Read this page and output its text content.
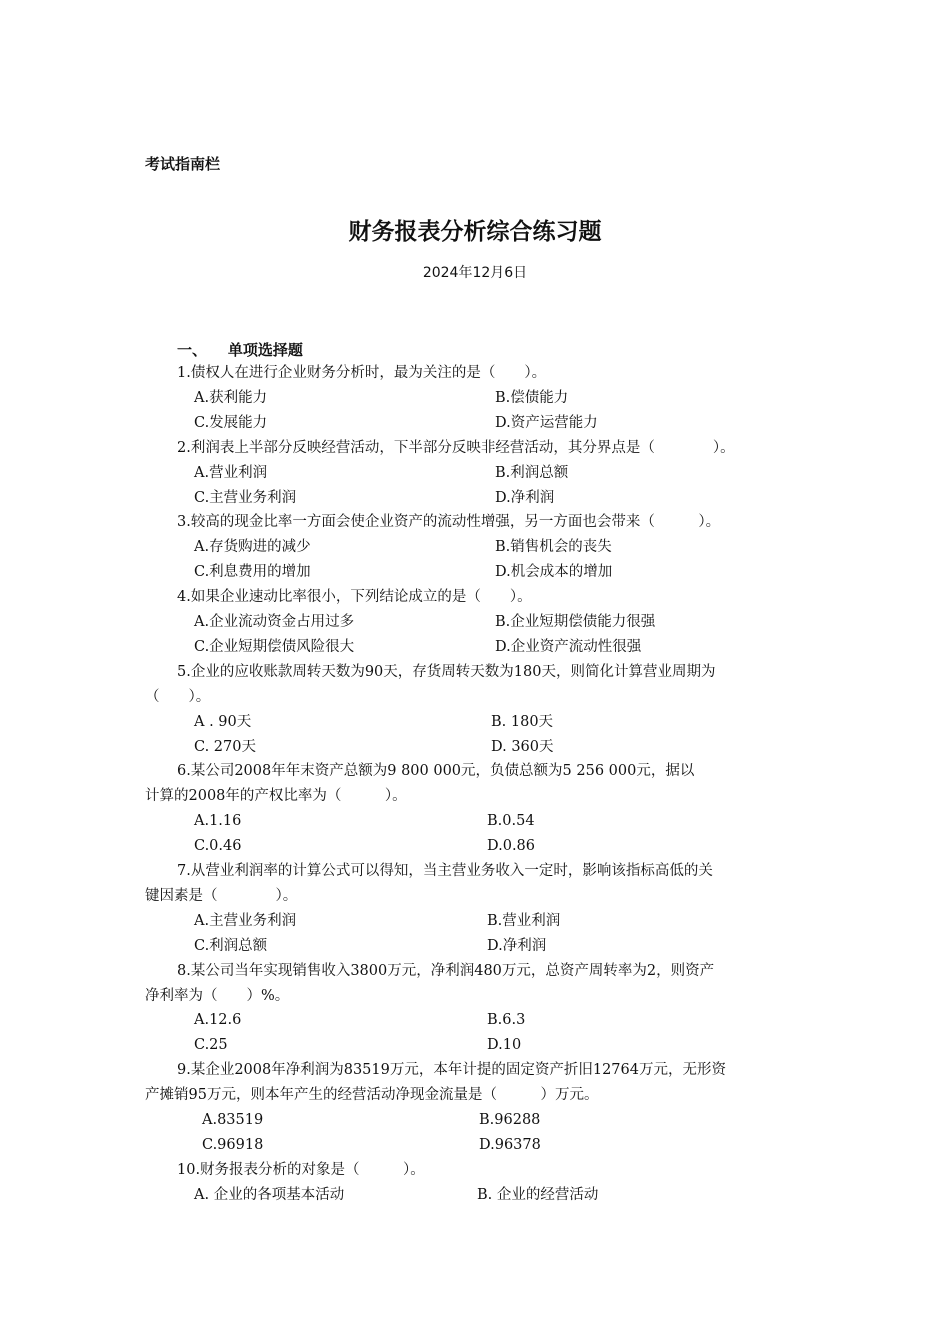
考试指南栏
财务报表分析综合练习题
2024年12月6日
一、 单项选择题
1.债权人在进行企业财务分析时，最为关注的是（　　）。
A.获利能力	B.偿债能力
C.发展能力	D.资产运营能力
2.利润表上半部分反映经营活动，下半部分反映非经营活动，其分界点是（　　　　）。
A.营业利润	B.利润总额
C.主营业务利润	D.净利润
3.较高的现金比率一方面会使企业资产的流动性增强，另一方面也会带来（　　　）。
A.存货购进的减少	B.销售机会的丧失
C.利息费用的增加	D.机会成本的增加
4.如果企业速动比率很小，下列结论成立的是（　　）。
A.企业流动资金占用过多	B.企业短期偿债能力很强
C.企业短期偿债风险很大	D.企业资产流动性很强
5.企业的应收账款周转天数为90天，存货周转天数为180天，则简化计算营业周期为
（　　）。
A . 90天	B. 180天
C. 270天	D. 360天
6.某公司2008年年末资产总额为9 800 000元，负债总额为5 256 000元，据以
计算的2008年的产权比率为（　　　）。
A.1.16	B.0.54
C.0.46	D.0.86
7.从营业利润率的计算公式可以得知，当主营业务收入一定时，影响该指标高低的关
键因素是（　　　　）。
A.主营业务利润	B.营业利润
C.利润总额	D.净利润
8.某公司当年实现销售收入3800万元，净利润480万元，总资产周转率为2，则资产
净利率为（　　）%。
A.12.6	B.6.3
C.25	D.10
9.某企业2008年净利润为83519万元，本年计提的固定资产折旧12764万元，无形资
产摊销95万元，则本年产生的经营活动净现金流量是（　　　）万元。
A.83519	B.96288
C.96918	D.96378
10.财务报表分析的对象是（　　　）。
A. 企业的各项基本活动	B. 企业的经营活动
